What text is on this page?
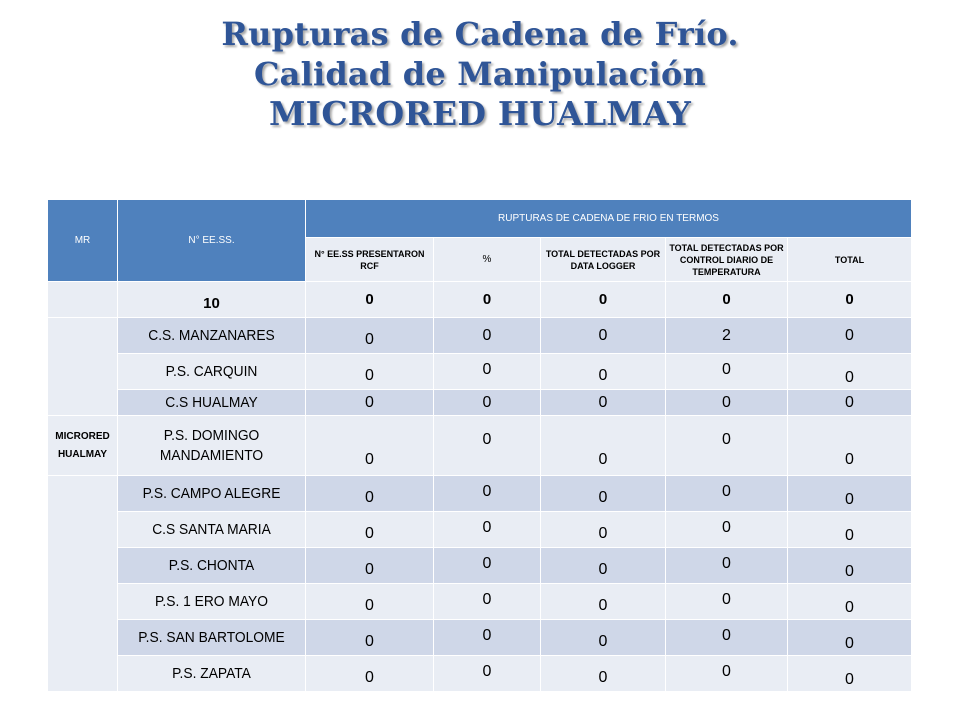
Rupturas de Cadena de Frío.
Calidad de Manipulación
MICRORED HUALMAY
MR	N° EE.SS.	RUPTURAS DE CADENA DE FRIO EN TERMOS				
		N° EE.SS PRESENTARON RCF	%	TOTAL DETECTADAS POR DATA LOGGER	TOTAL DETECTADAS POR CONTROL DIARIO DE TEMPERATURA	TOTAL

	10	0	0	0	0	0

	C.S. MANZANARES	0	0	0	2	0

	P.S. CARQUIN	0	0	0	0	0

	C.S HUALMAY	0	0	0	0	0

MICRORED HUALMAY	P.S. DOMINGO MANDAMIENTO	0	0	0	0	0

	P.S. CAMPO ALEGRE	0	0	0	0	0

	C.S SANTA MARIA	0	0	0	0	0

	P.S. CHONTA	0	0	0	0	0

	P.S. 1 ERO MAYO	0	0	0	0	0

	P.S. SAN BARTOLOME	0	0	0	0	0

	P.S. ZAPATA	0	0	0	0	0
